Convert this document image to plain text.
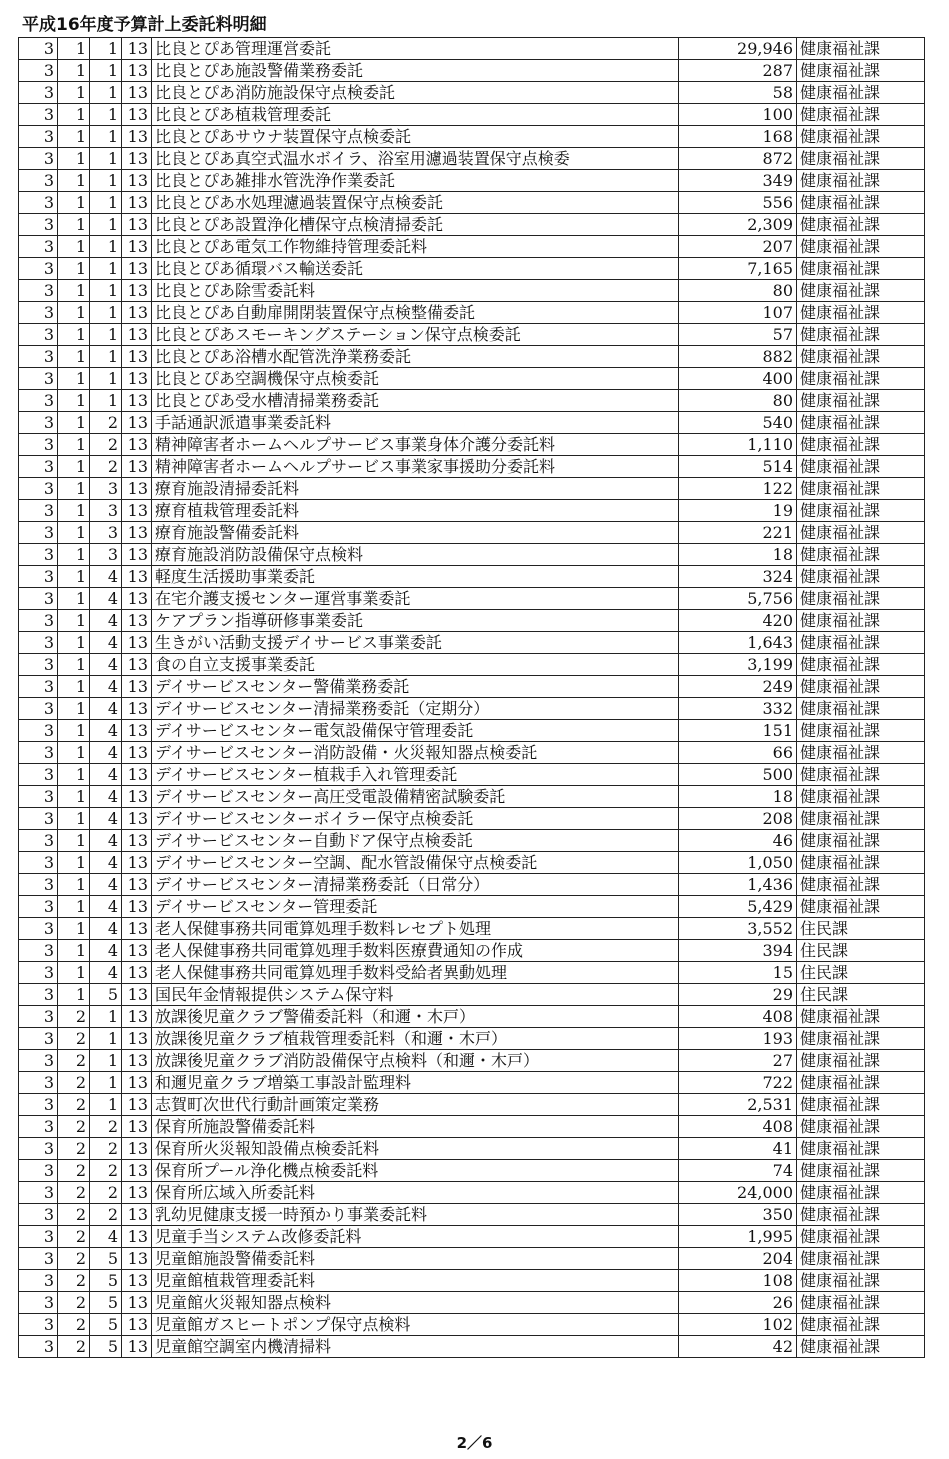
平成16年度予算計上委託料明細
3	1	1	13	比良とぴあ管理運営委託	29,946	健康福祉課
3	1	1	13	比良とぴあ施設警備業務委託	287	健康福祉課
3	1	1	13	比良とぴあ消防施設保守点検委託	58	健康福祉課
3	1	1	13	比良とぴあ植栽管理委託	100	健康福祉課
3	1	1	13	比良とぴあサウナ装置保守点検委託	168	健康福祉課
3	1	1	13	比良とぴあ真空式温水ボイラ、浴室用濾過装置保守点検委	872	健康福祉課
3	1	1	13	比良とぴあ雑排水管洗浄作業委託	349	健康福祉課
3	1	1	13	比良とぴあ水処理濾過装置保守点検委託	556	健康福祉課
3	1	1	13	比良とぴあ設置浄化槽保守点検清掃委託	2,309	健康福祉課
3	1	1	13	比良とぴあ電気工作物維持管理委託料	207	健康福祉課
3	1	1	13	比良とぴあ循環バス輸送委託	7,165	健康福祉課
3	1	1	13	比良とぴあ除雪委託料	80	健康福祉課
3	1	1	13	比良とぴあ自動扉開閉装置保守点検整備委託	107	健康福祉課
3	1	1	13	比良とぴあスモーキングステーション保守点検委託	57	健康福祉課
3	1	1	13	比良とぴあ浴槽水配管洗浄業務委託	882	健康福祉課
3	1	1	13	比良とぴあ空調機保守点検委託	400	健康福祉課
3	1	1	13	比良とぴあ受水槽清掃業務委託	80	健康福祉課
3	1	2	13	手話通訳派遣事業委託料	540	健康福祉課
3	1	2	13	精神障害者ホームヘルプサービス事業身体介護分委託料	1,110	健康福祉課
3	1	2	13	精神障害者ホームヘルプサービス事業家事援助分委託料	514	健康福祉課
3	1	3	13	療育施設清掃委託料	122	健康福祉課
3	1	3	13	療育植栽管理委託料	19	健康福祉課
3	1	3	13	療育施設警備委託料	221	健康福祉課
3	1	3	13	療育施設消防設備保守点検料	18	健康福祉課
3	1	4	13	軽度生活援助事業委託	324	健康福祉課
3	1	4	13	在宅介護支援センター運営事業委託	5,756	健康福祉課
3	1	4	13	ケアプラン指導研修事業委託	420	健康福祉課
3	1	4	13	生きがい活動支援デイサービス事業委託	1,643	健康福祉課
3	1	4	13	食の自立支援事業委託	3,199	健康福祉課
3	1	4	13	デイサービスセンター警備業務委託	249	健康福祉課
3	1	4	13	デイサービスセンター清掃業務委託（定期分）	332	健康福祉課
3	1	4	13	デイサービスセンター電気設備保守管理委託	151	健康福祉課
3	1	4	13	デイサービスセンター消防設備・火災報知器点検委託	66	健康福祉課
3	1	4	13	デイサービスセンター植栽手入れ管理委託	500	健康福祉課
3	1	4	13	デイサービスセンター高圧受電設備精密試験委託	18	健康福祉課
3	1	4	13	デイサービスセンターボイラー保守点検委託	208	健康福祉課
3	1	4	13	デイサービスセンター自動ドア保守点検委託	46	健康福祉課
3	1	4	13	デイサービスセンター空調、配水管設備保守点検委託	1,050	健康福祉課
3	1	4	13	デイサービスセンター清掃業務委託（日常分）	1,436	健康福祉課
3	1	4	13	デイサービスセンター管理委託	5,429	健康福祉課
3	1	4	13	老人保健事務共同電算処理手数料レセプト処理	3,552	住民課
3	1	4	13	老人保健事務共同電算処理手数料医療費通知の作成	394	住民課
3	1	4	13	老人保健事務共同電算処理手数料受給者異動処理	15	住民課
3	1	5	13	国民年金情報提供システム保守料	29	住民課
3	2	1	13	放課後児童クラブ警備委託料（和邇・木戸）	408	健康福祉課
3	2	1	13	放課後児童クラブ植栽管理委託料（和邇・木戸）	193	健康福祉課
3	2	1	13	放課後児童クラブ消防設備保守点検料（和邇・木戸）	27	健康福祉課
3	2	1	13	和邇児童クラブ増築工事設計監理料	722	健康福祉課
3	2	1	13	志賀町次世代行動計画策定業務	2,531	健康福祉課
3	2	2	13	保育所施設警備委託料	408	健康福祉課
3	2	2	13	保育所火災報知設備点検委託料	41	健康福祉課
3	2	2	13	保育所プール浄化機点検委託料	74	健康福祉課
3	2	2	13	保育所広域入所委託料	24,000	健康福祉課
3	2	2	13	乳幼児健康支援一時預かり事業委託料	350	健康福祉課
3	2	4	13	児童手当システム改修委託料	1,995	健康福祉課
3	2	5	13	児童館施設警備委託料	204	健康福祉課
3	2	5	13	児童館植栽管理委託料	108	健康福祉課
3	2	5	13	児童館火災報知器点検料	26	健康福祉課
3	2	5	13	児童館ガスヒートポンプ保守点検料	102	健康福祉課
3	2	5	13	児童館空調室内機清掃料	42	健康福祉課
2／6
